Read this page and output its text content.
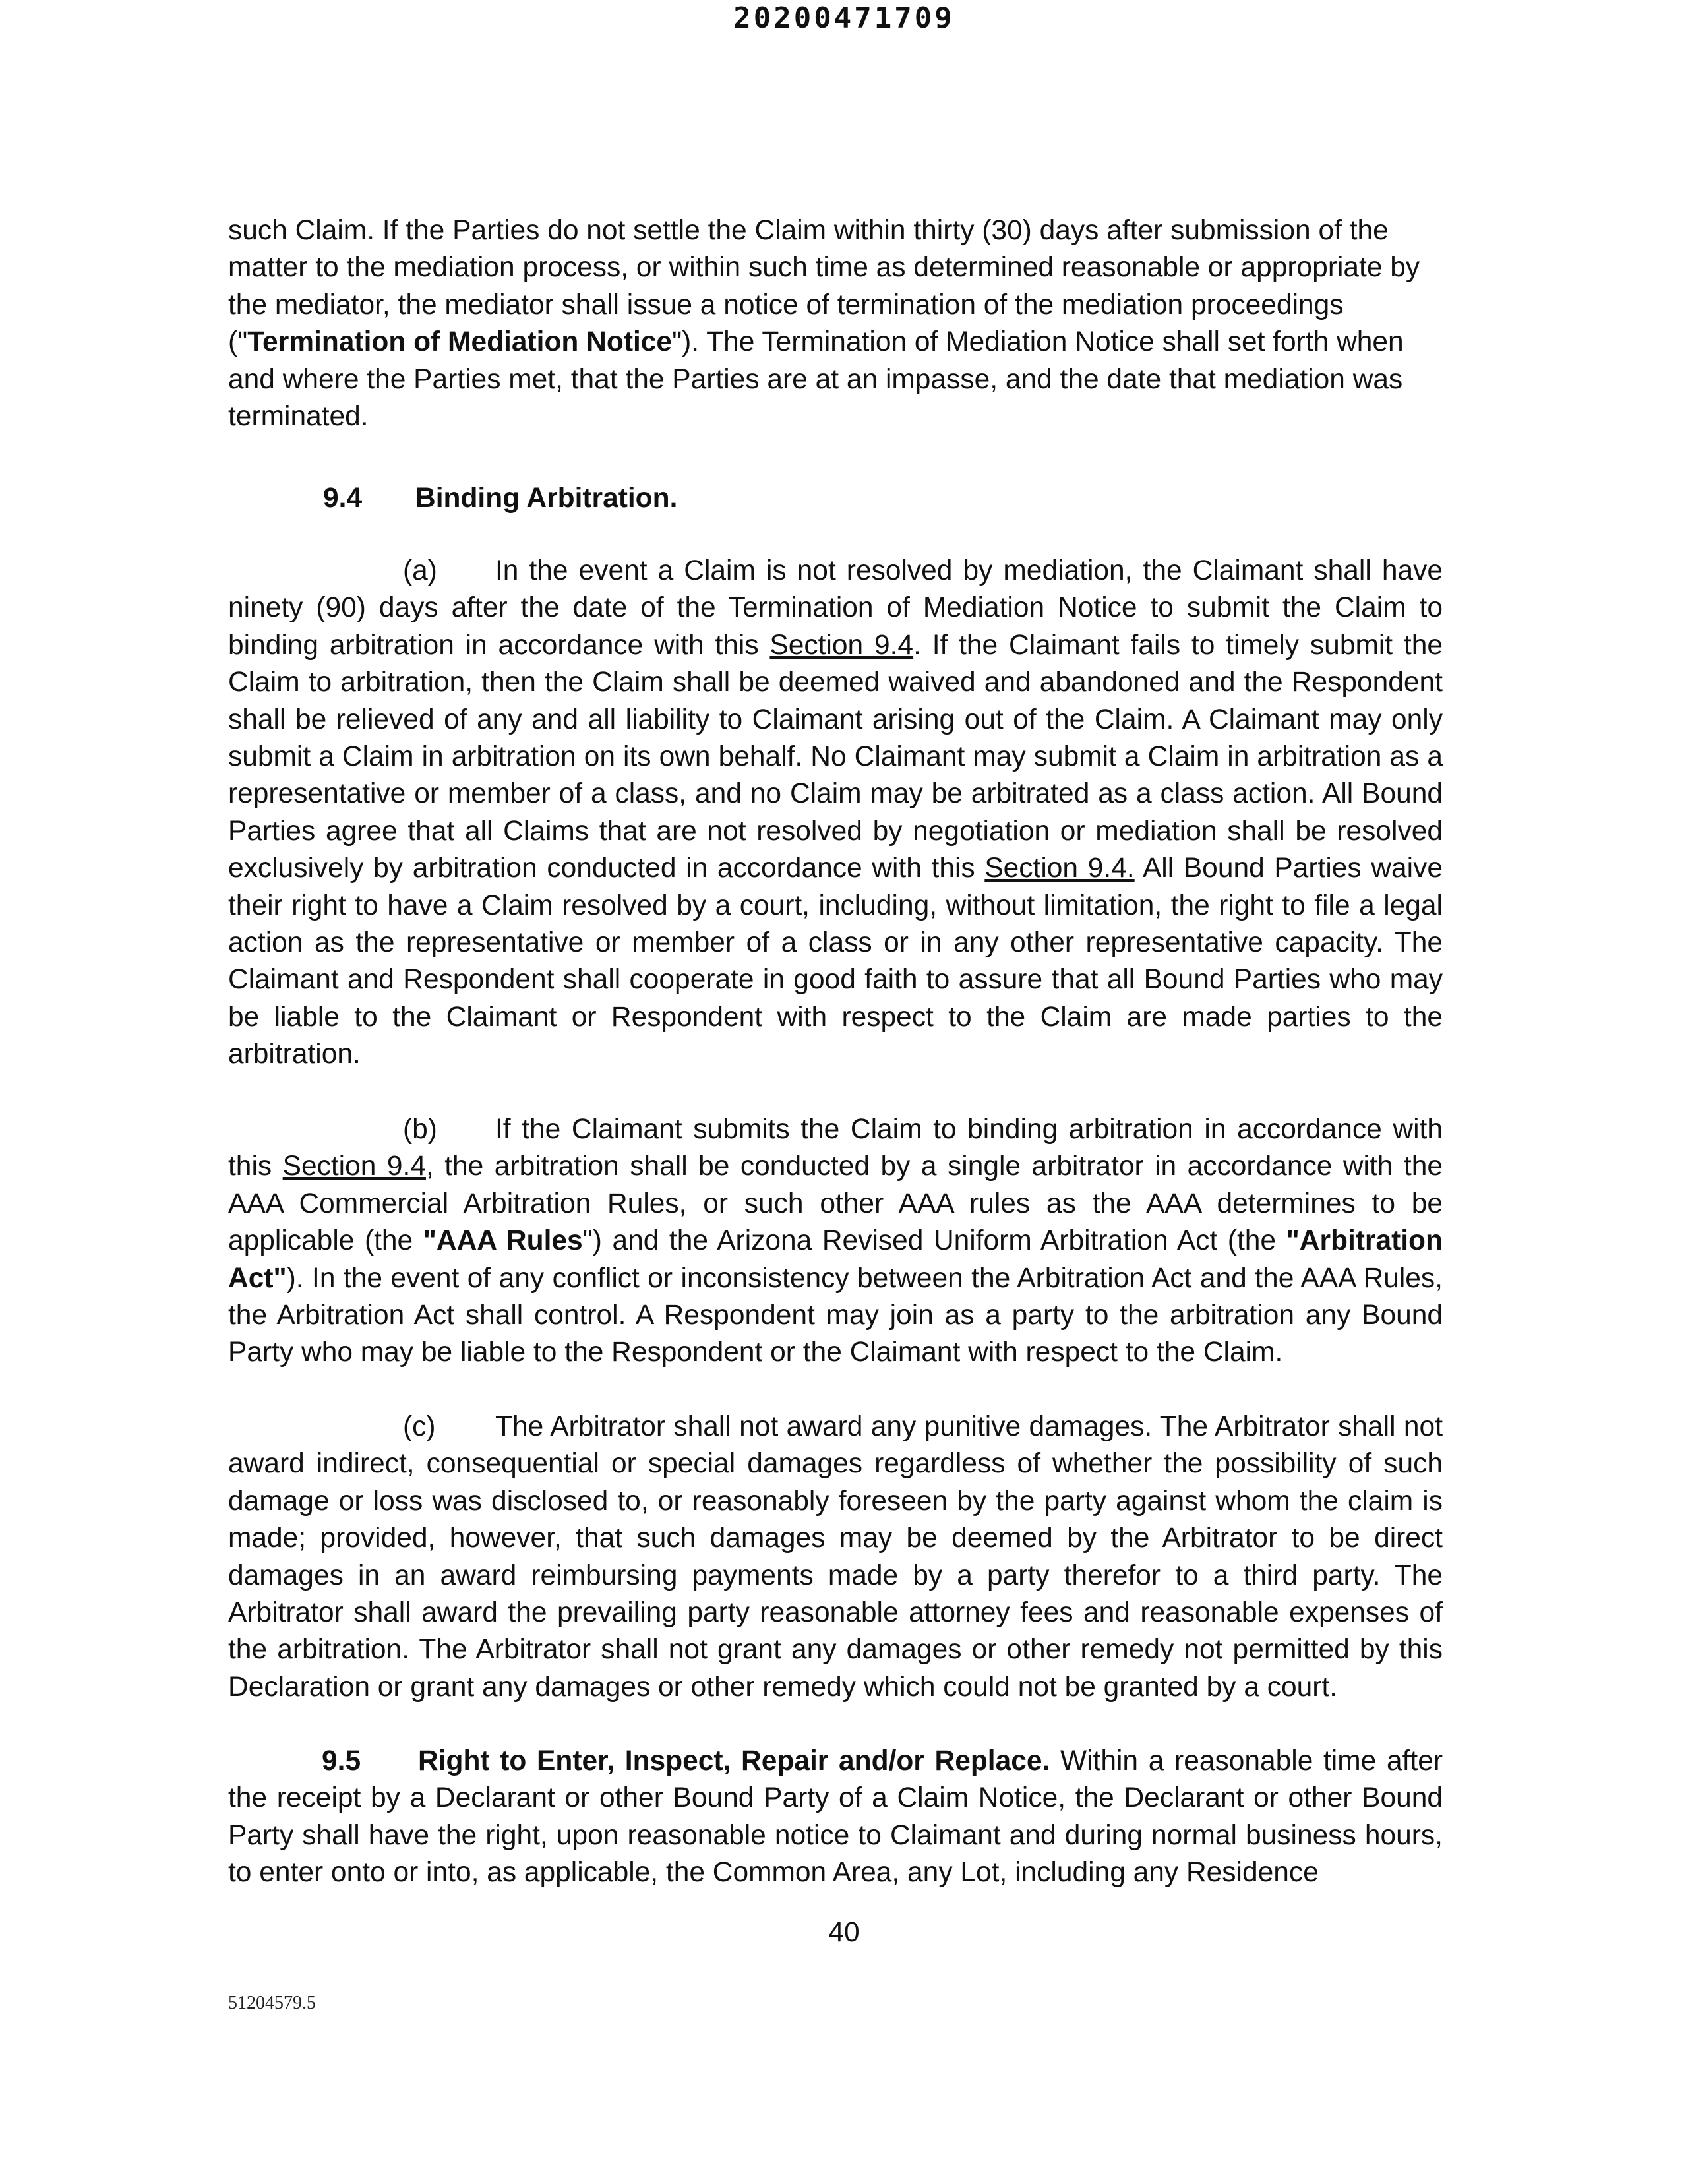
20200471709

such Claim. If the Parties do not settle the Claim within thirty (30) days after submission of the matter to the mediation process, or within such time as determined reasonable or appropriate by the mediator, the mediator shall issue a notice of termination of the mediation proceedings ("Termination of Mediation Notice"). The Termination of Mediation Notice shall set forth when and where the Parties met, that the Parties are at an impasse, and the date that mediation was terminated.

9.4 Binding Arbitration.

(a) In the event a Claim is not resolved by mediation, the Claimant shall have ninety (90) days after the date of the Termination of Mediation Notice to submit the Claim to binding arbitration in accordance with this Section 9.4. If the Claimant fails to timely submit the Claim to arbitration, then the Claim shall be deemed waived and abandoned and the Respondent shall be relieved of any and all liability to Claimant arising out of the Claim. A Claimant may only submit a Claim in arbitration on its own behalf. No Claimant may submit a Claim in arbitration as a representative or member of a class, and no Claim may be arbitrated as a class action. All Bound Parties agree that all Claims that are not resolved by negotiation or mediation shall be resolved exclusively by arbitration conducted in accordance with this Section 9.4. All Bound Parties waive their right to have a Claim resolved by a court, including, without limitation, the right to file a legal action as the representative or member of a class or in any other representative capacity. The Claimant and Respondent shall cooperate in good faith to assure that all Bound Parties who may be liable to the Claimant or Respondent with respect to the Claim are made parties to the arbitration.

(b) If the Claimant submits the Claim to binding arbitration in accordance with this Section 9.4, the arbitration shall be conducted by a single arbitrator in accordance with the AAA Commercial Arbitration Rules, or such other AAA rules as the AAA determines to be applicable (the "AAA Rules") and the Arizona Revised Uniform Arbitration Act (the "Arbitration Act"). In the event of any conflict or inconsistency between the Arbitration Act and the AAA Rules, the Arbitration Act shall control. A Respondent may join as a party to the arbitration any Bound Party who may be liable to the Respondent or the Claimant with respect to the Claim.

(c) The Arbitrator shall not award any punitive damages. The Arbitrator shall not award indirect, consequential or special damages regardless of whether the possibility of such damage or loss was disclosed to, or reasonably foreseen by the party against whom the claim is made; provided, however, that such damages may be deemed by the Arbitrator to be direct damages in an award reimbursing payments made by a party therefor to a third party. The Arbitrator shall award the prevailing party reasonable attorney fees and reasonable expenses of the arbitration. The Arbitrator shall not grant any damages or other remedy not permitted by this Declaration or grant any damages or other remedy which could not be granted by a court.

9.5 Right to Enter, Inspect, Repair and/or Replace. Within a reasonable time after the receipt by a Declarant or other Bound Party of a Claim Notice, the Declarant or other Bound Party shall have the right, upon reasonable notice to Claimant and during normal business hours, to enter onto or into, as applicable, the Common Area, any Lot, including any Residence

40
51204579.5
